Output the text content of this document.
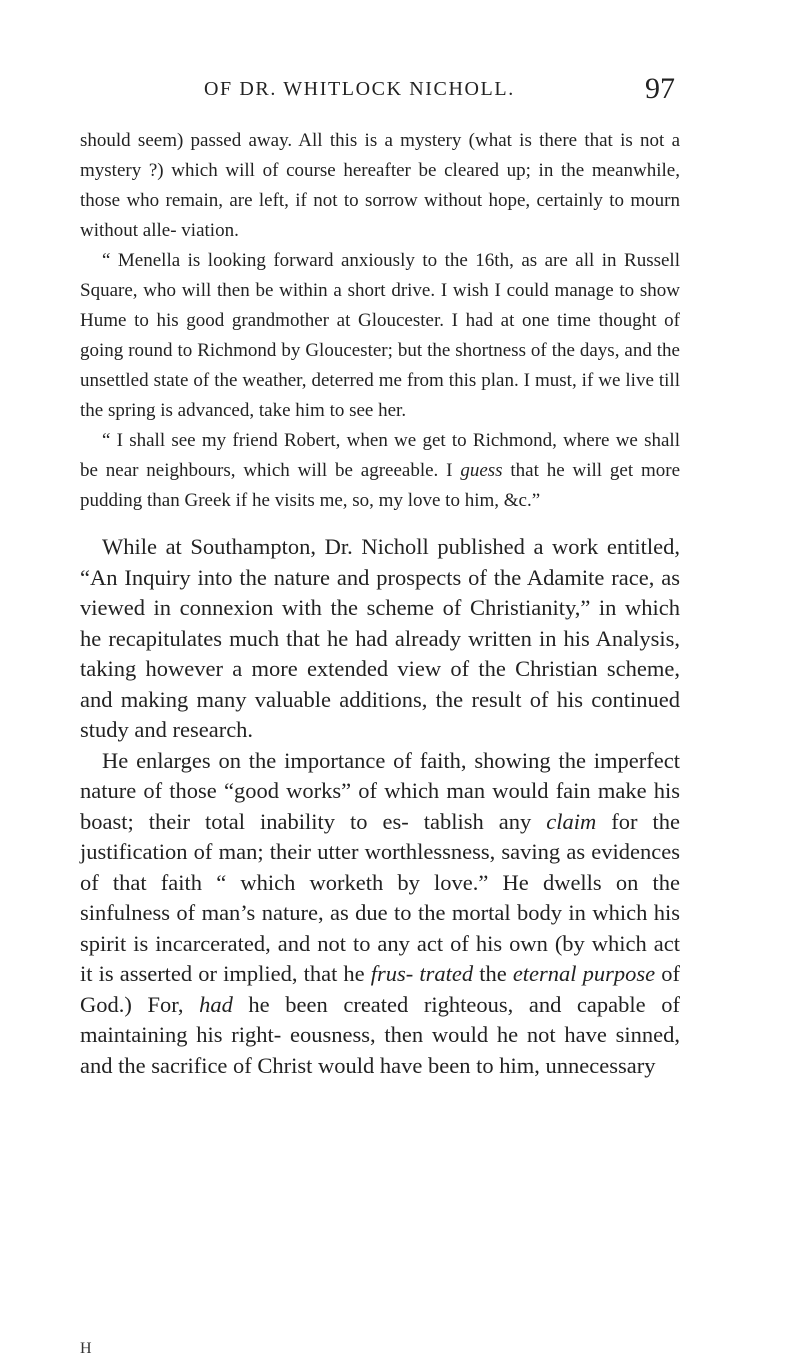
OF DR. WHITLOCK NICHOLL.	97

should seem) passed away. All this is a mystery (what is there that is not a mystery ?) which will of course hereafter be cleared up; in the meanwhile, those who remain, are left, if not to sorrow without hope, certainly to mourn without alle- viation.

“ Menella is looking forward anxiously to the 16th, as are all in Russell Square, who will then be within a short drive. I wish I could manage to show Hume to his good grandmother at Gloucester. I had at one time thought of going round to Richmond by Gloucester; but the shortness of the days, and the unsettled state of the weather, deterred me from this plan. I must, if we live till the spring is advanced, take him to see her.

“ I shall see my friend Robert, when we get to Richmond, where we shall be near neighbours, which will be agreeable. I guess that he will get more pudding than Greek if he visits me, so, my love to him, &c.”

While at Southampton, Dr. Nicholl published a work entitled, “An Inquiry into the nature and prospects of the Adamite race, as viewed in connexion with the scheme of Christianity,” in which he recapitulates much that he had already written in his Analysis, taking however a more extended view of the Christian scheme, and making many valuable additions, the result of his continued study and research.

He enlarges on the importance of faith, showing the imperfect nature of those “good works” of which man would fain make his boast; their total inability to es- tablish any claim for the justification of man; their utter worthlessness, saving as evidences of that faith “ which worketh by love.” He dwells on the sinfulness of man’s nature, as due to the mortal body in which his spirit is incarcerated, and not to any act of his own (by which act it is asserted or implied, that he frus- trated the eternal purpose of God.) For, had he been created righteous, and capable of maintaining his right- eousness, then would he not have sinned, and the sacrifice of Christ would have been to him, unnecessary

H
